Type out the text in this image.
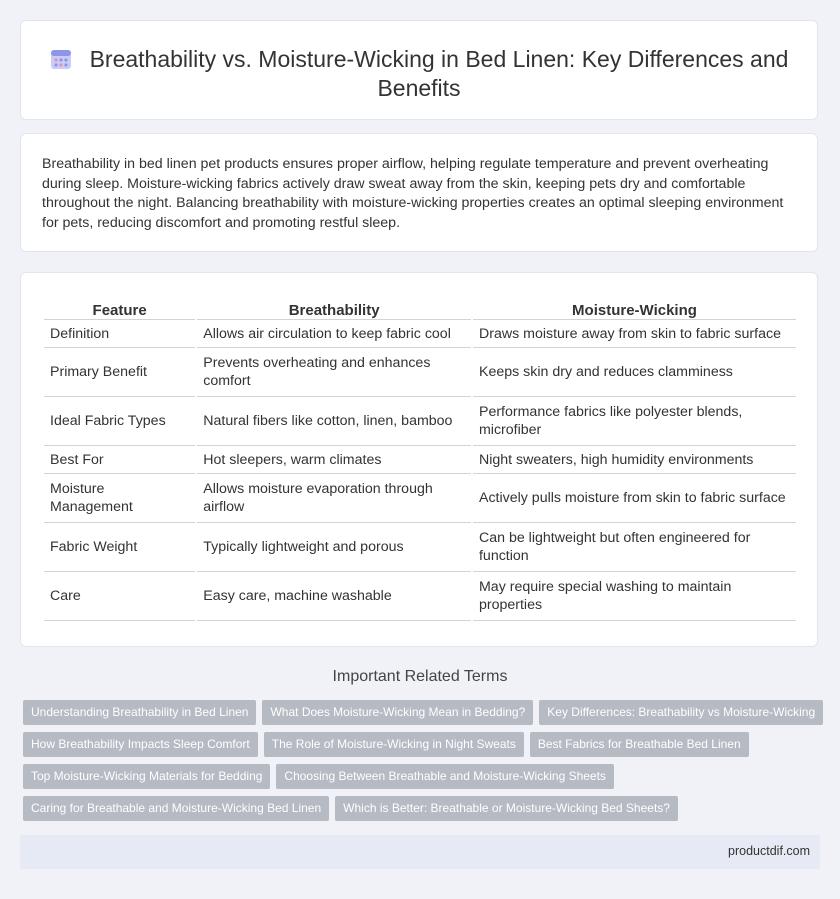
Breathability vs. Moisture-Wicking in Bed Linen: Key Differences and Benefits
Breathability in bed linen pet products ensures proper airflow, helping regulate temperature and prevent overheating during sleep. Moisture-wicking fabrics actively draw sweat away from the skin, keeping pets dry and comfortable throughout the night. Balancing breathability with moisture-wicking properties creates an optimal sleeping environment for pets, reducing discomfort and promoting restful sleep.
Feature	Breathability	Moisture-Wicking
Definition	Allows air circulation to keep fabric cool	Draws moisture away from skin to fabric surface
Primary Benefit	Prevents overheating and enhances comfort	Keeps skin dry and reduces clamminess
Ideal Fabric Types	Natural fibers like cotton, linen, bamboo	Performance fabrics like polyester blends, microfiber
Best For	Hot sleepers, warm climates	Night sweaters, high humidity environments
Moisture Management	Allows moisture evaporation through airflow	Actively pulls moisture from skin to fabric surface
Fabric Weight	Typically lightweight and porous	Can be lightweight but often engineered for function
Care	Easy care, machine washable	May require special washing to maintain properties
Important Related Terms
Understanding Breathability in Bed Linen What Does Moisture-Wicking Mean in Bedding? Key Differences: Breathability vs Moisture-Wicking
How Breathability Impacts Sleep Comfort The Role of Moisture-Wicking in Night Sweats Best Fabrics for Breathable Bed Linen
Top Moisture-Wicking Materials for Bedding Choosing Between Breathable and Moisture-Wicking Sheets
Caring for Breathable and Moisture-Wicking Bed Linen Which is Better: Breathable or Moisture-Wicking Bed Sheets?
productdif.com
